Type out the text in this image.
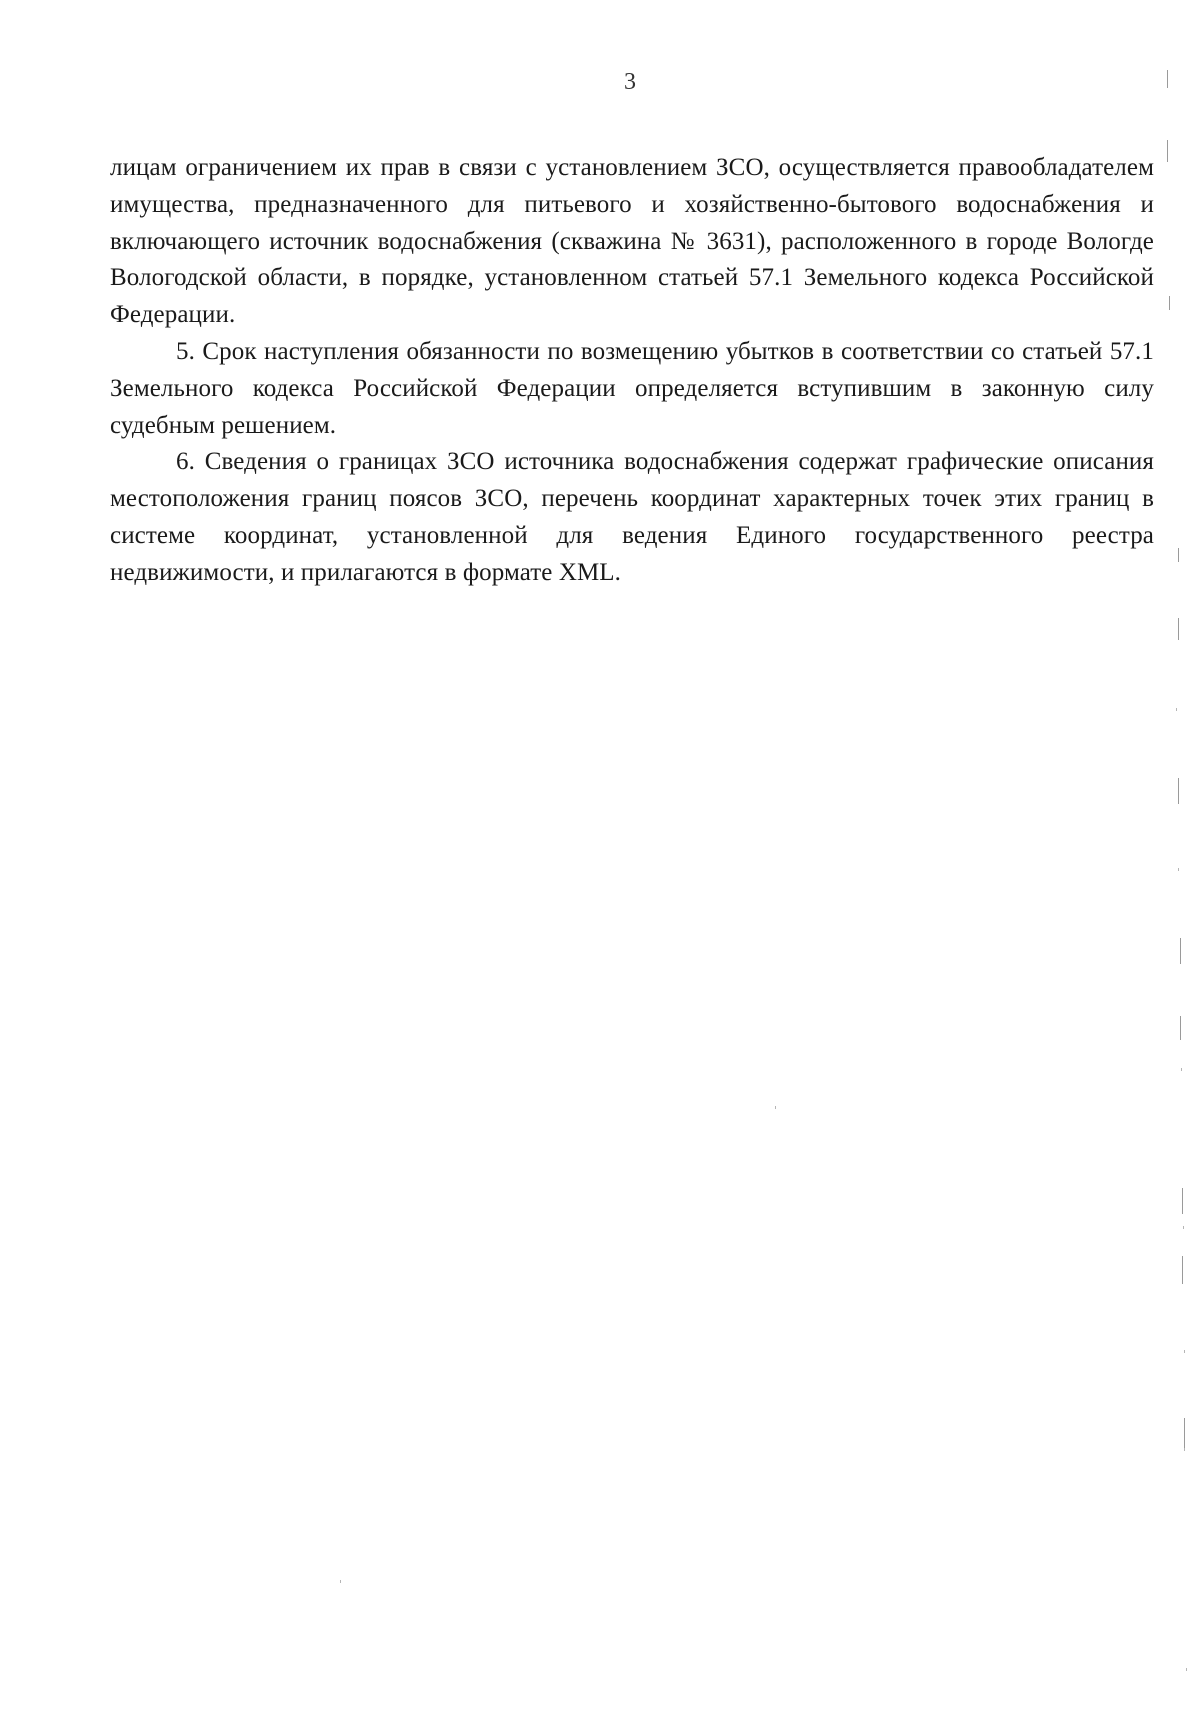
3

лицам ограничением их прав в связи с установлением ЗСО, осуществляется правообладателем имущества, предназначенного для питьевого и хозяйственно-бытового водоснабжения и включающего источник водоснабжения (скважина № 3631), расположенного в городе Вологде Вологодской области, в порядке, установленном статьей 57.1 Земельного кодекса Российской Федерации.

5. Срок наступления обязанности по возмещению убытков в соответствии со статьей 57.1 Земельного кодекса Российской Федерации определяется вступившим в законную силу судебным решением.

6. Сведения о границах ЗСО источника водоснабжения содержат графические описания местоположения границ поясов ЗСО, перечень координат характерных точек этих границ в системе координат, установленной для ведения Единого государственного реестра недвижимости, и прилагаются в формате XML.
